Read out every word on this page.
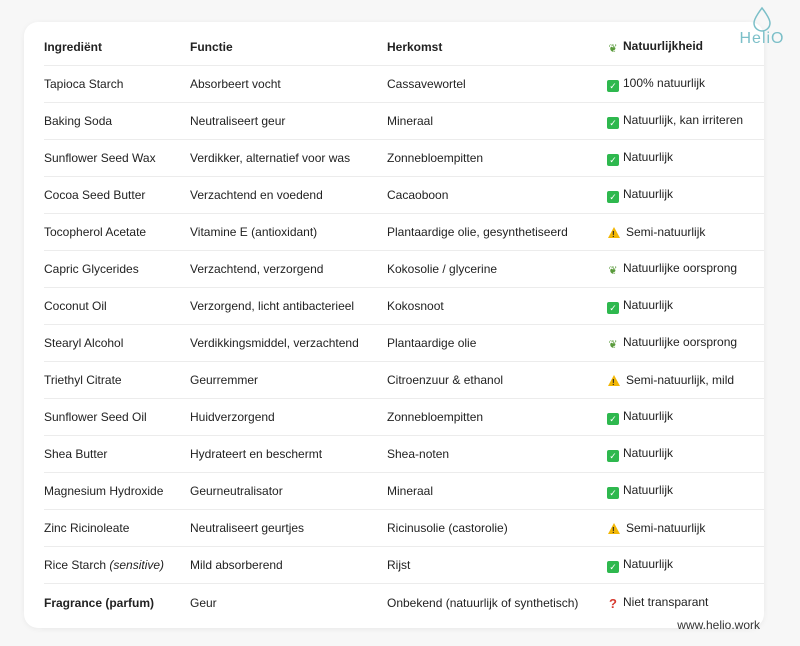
Ingrediënt	Functie	Herkomst	❦ Natuurlijkheid
Tapioca Starch	Absorbeert vocht	Cassavewortel	✓ 100% natuurlijk
Baking Soda	Neutraliseert geur	Mineraal	✓ Natuurlijk, kan irriteren
Sunflower Seed Wax	Verdikker, alternatief voor was	Zonnebloempitten	✓ Natuurlijk
Cocoa Seed Butter	Verzachtend en voedend	Cacaoboon	✓ Natuurlijk
Tocopherol Acetate	Vitamine E (antioxidant)	Plantaardige olie, gesynthetiseerd !	Semi-natuurlijk
Capric Glycerides	Verzachtend, verzorgend	Kokosolie / glycerine	❦ Natuurlijke oorsprong
Coconut Oil	Verzorgend, licht antibacterieel	Kokosnoot	✓ Natuurlijk
Stearyl Alcohol	Verdikkingsmiddel, verzachtend	Plantaardige olie	❦ Natuurlijke oorsprong
Triethyl Citrate	Geurremmer	Citroenzuur & ethanol !	Semi-natuurlijk, mild
Sunflower Seed Oil	Huidverzorgend	Zonnebloempitten	✓ Natuurlijk
Shea Butter	Hydrateert en beschermt	Shea-noten	✓ Natuurlijk
Magnesium Hydroxide	Geurneutralisator	Mineraal	✓ Natuurlijk
Zinc Ricinoleate	Neutraliseert geurtjes	Ricinusolie (castorolie) !	Semi-natuurlijk
Rice Starch (sensitive)	Mild absorberend	Rijst	✓ Natuurlijk
Fragrance (parfum)	Geur	Onbekend (natuurlijk of synthetisch)	? Niet transparant
HeliO
www.helio.work
